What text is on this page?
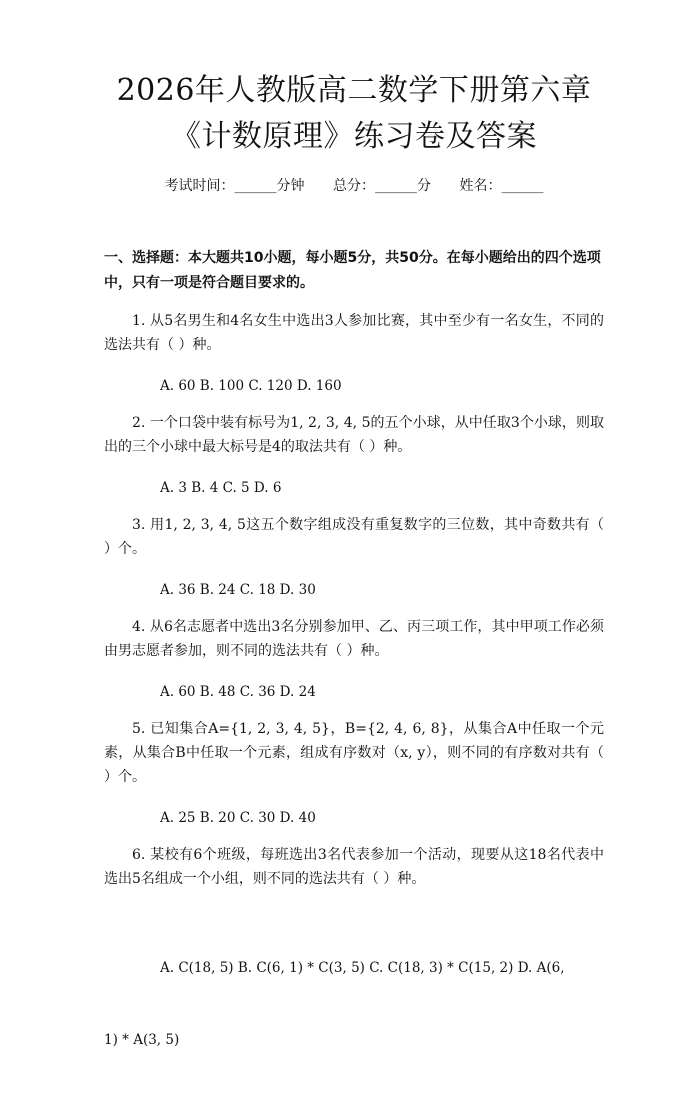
2026年人教版高二数学下册第六章《计数原理》练习卷及答案
考试时间：______分钟 总分：______分 姓名：______
一、选择题：本大题共10小题，每小题5分，共50分。在每小题给出的四个选项中，只有一项是符合题目要求的。
1. 从5名男生和4名女生中选出3人参加比赛，其中至少有一名女生，不同的选法共有（ ）种。
A. 60 B. 100 C. 120 D. 160
2. 一个口袋中装有标号为1, 2, 3, 4, 5的五个小球，从中任取3个小球，则取出的三个小球中最大标号是4的取法共有（ ）种。
A. 3 B. 4 C. 5 D. 6
3. 用1, 2, 3, 4, 5这五个数字组成没有重复数字的三位数，其中奇数共有（ ）个。
A. 36 B. 24 C. 18 D. 30
4. 从6名志愿者中选出3名分别参加甲、乙、丙三项工作，其中甲项工作必须由男志愿者参加，则不同的选法共有（ ）种。
A. 60 B. 48 C. 36 D. 24
5. 已知集合A={1, 2, 3, 4, 5}，B={2, 4, 6, 8}，从集合A中任取一个元素，从集合B中任取一个元素，组成有序数对（x, y），则不同的有序数对共有（ ）个。
A. 25 B. 20 C. 30 D. 40
6. 某校有6个班级，每班选出3名代表参加一个活动，现要从这18名代表中选出5名组成一个小组，则不同的选法共有（ ）种。

A. C(18, 5) B. C(6, 1) * C(3, 5) C. C(18, 3) * C(15, 2) D. A(6,

1) * A(3, 5)
